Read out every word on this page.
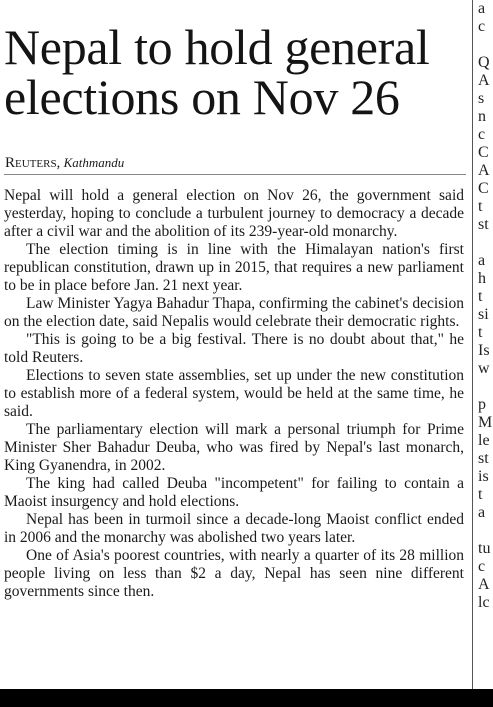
Nepal to hold general
elections on Nov 26
Reuters, Kathmandu

Nepal will hold a general election on Nov 26, the government said yesterday, hoping to conclude a turbulent journey to democracy a decade after a civil war and the abolition of its 239-year-old monarchy.

The election timing is in line with the Himalayan nation's first republican constitution, drawn up in 2015, that requires a new parliament to be in place before Jan. 21 next year.

Law Minister Yagya Bahadur Thapa, confirming the cabinet's decision on the election date, said Nepalis would celebrate their democratic rights.

"This is going to be a big festival. There is no doubt about that," he told Reuters.

Elections to seven state assemblies, set up under the new constitution to establish more of a federal system, would be held at the same time, he said.

The parliamentary election will mark a personal triumph for Prime Minister Sher Bahadur Deuba, who was fired by Nepal's last monarch, King Gyanendra, in 2002.

The king had called Deuba "incompetent" for failing to contain a Maoist insurgency and hold elections.

Nepal has been in turmoil since a decade-long Maoist conflict ended in 2006 and the monarchy was abolished two years later.

One of Asia's poorest countries, with nearly a quarter of its 28 million people living on less than $2 a day, Nepal has seen nine different governments since then.

a
c
Q
A
s
n
c
C
A
C
t
st
a
h
t
si
t
Is
w
p
M
le
st
is
t
a
tu
c
A
lc
